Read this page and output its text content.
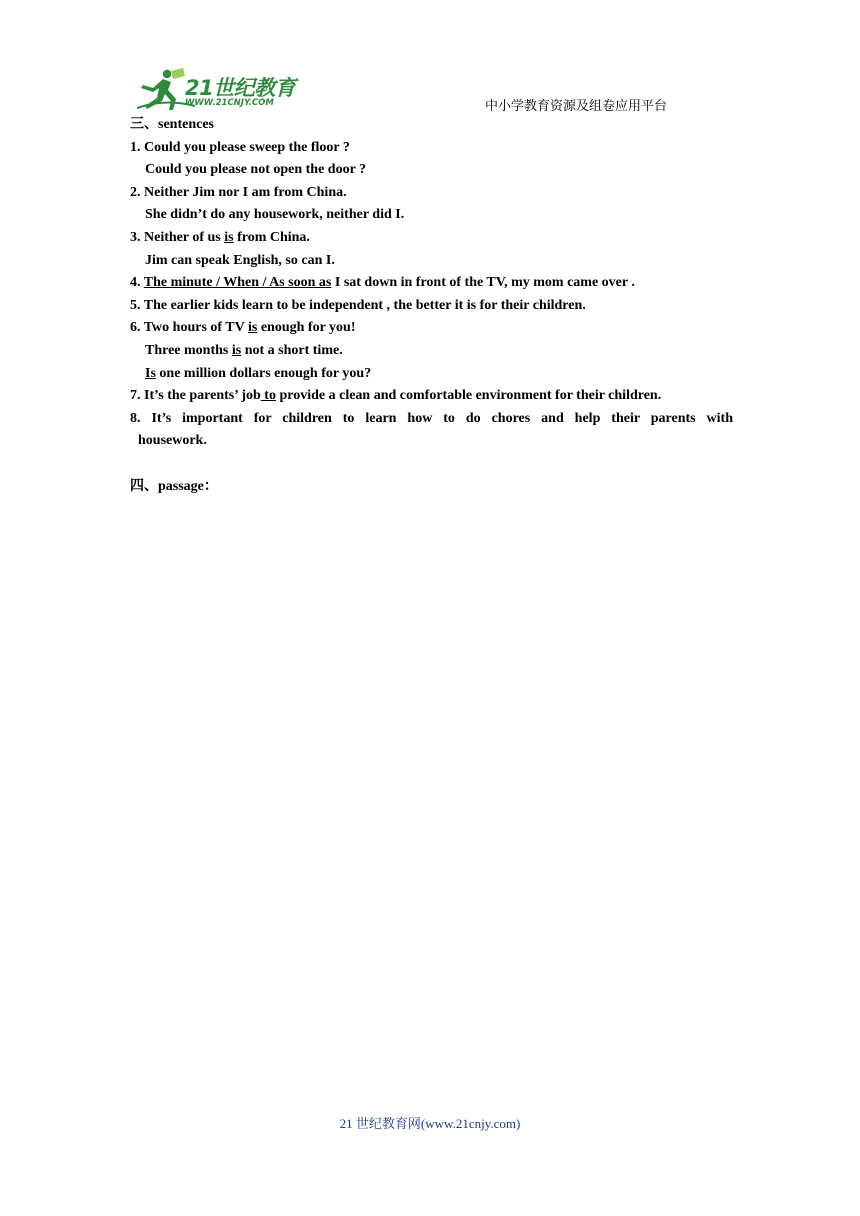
21世纪教育
WWW.21CNJY.COM	中小学教育资源及组卷应用平台
三、sentences
1. Could you please sweep the floor ?
Could you please not open the door ?
2. Neither Jim nor I am from China.
She didn’t do any housework, neither did I.
3. Neither of us is from China.
Jim can speak English, so can I.
4. The minute / When / As soon as I sat down in front of the TV, my mom came over .
5. The earlier kids learn to be independent , the better it is for their children.
6. Two hours of TV is enough for you!
Three months is not a short time.
Is one million dollars enough for you?
7. It’s the parents’ job to provide a clean and comfortable environment for their children.
8. It’s important for children to learn how to do chores and help their parents with
housework.
四、passage：
21 世纪教育网(www.21cnjy.com)
